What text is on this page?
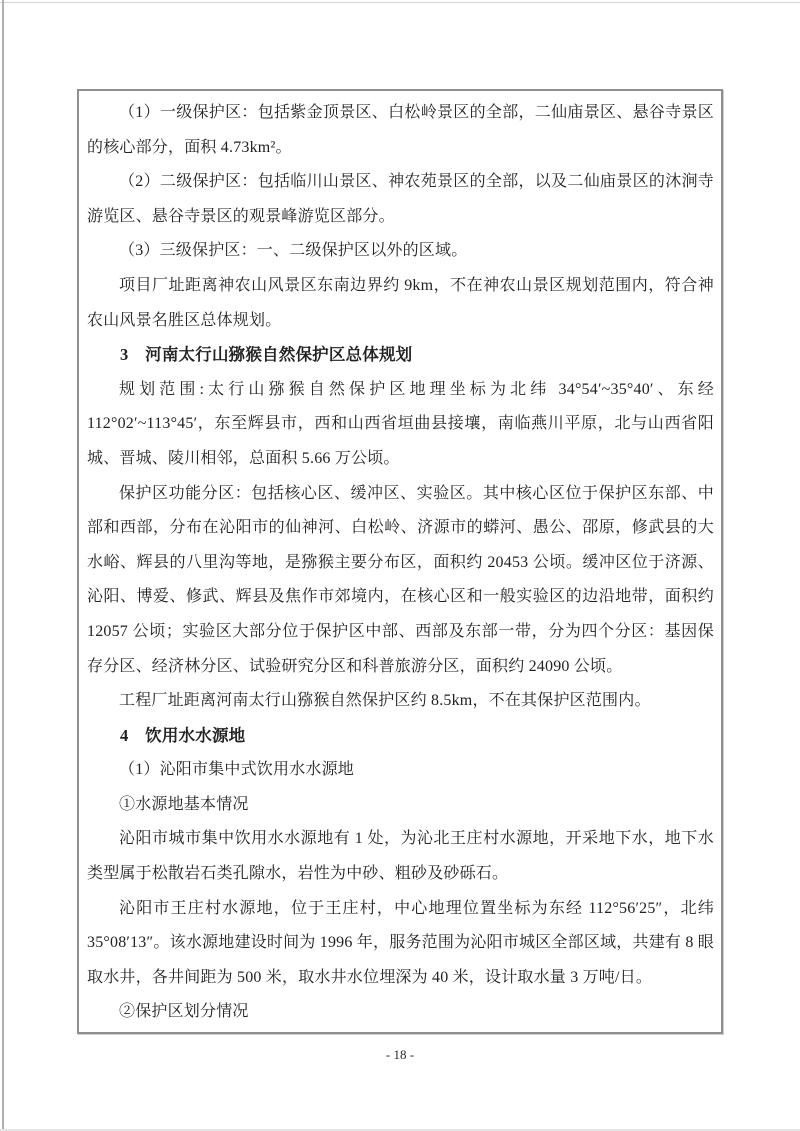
（1）一级保护区：包括紫金顶景区、白松岭景区的全部，二仙庙景区、悬谷寺景区的核心部分，面积 4.73km²。

（2）二级保护区：包括临川山景区、神农苑景区的全部，以及二仙庙景区的沐涧寺游览区、悬谷寺景区的观景峰游览区部分。

（3）三级保护区：一、二级保护区以外的区域。

项目厂址距离神农山风景区东南边界约 9km，不在神农山景区规划范围内，符合神农山风景名胜区总体规划。

3　河南太行山猕猴自然保护区总体规划

规划范围:太行山猕猴自然保护区地理坐标为北纬 34°54′~35°40′、东经 112°02′~113°45′，东至辉县市，西和山西省垣曲县接壤，南临燕川平原，北与山西省阳城、晋城、陵川相邻，总面积 5.66 万公顷。

保护区功能分区：包括核心区、缓冲区、实验区。其中核心区位于保护区东部、中部和西部，分布在沁阳市的仙神河、白松岭、济源市的蟒河、愚公、邵原，修武县的大水峪、辉县的八里沟等地，是猕猴主要分布区，面积约 20453 公顷。缓冲区位于济源、沁阳、博爱、修武、辉县及焦作市郊境内，在核心区和一般实验区的边沿地带，面积约 12057 公顷；实验区大部分位于保护区中部、西部及东部一带，分为四个分区：基因保存分区、经济林分区、试验研究分区和科普旅游分区，面积约 24090 公顷。

工程厂址距离河南太行山猕猴自然保护区约 8.5km，不在其保护区范围内。

4　饮用水水源地

（1）沁阳市集中式饮用水水源地

①水源地基本情况

沁阳市城市集中饮用水水源地有 1 处，为沁北王庄村水源地，开采地下水，地下水类型属于松散岩石类孔隙水，岩性为中砂、粗砂及砂砾石。

沁阳市王庄村水源地，位于王庄村，中心地理位置坐标为东经 112°56′25″，北纬 35°08′13″。该水源地建设时间为 1996 年，服务范围为沁阳市城区全部区域，共建有 8 眼取水井，各井间距为 500 米，取水井水位埋深为 40 米，设计取水量 3 万吨/日。

②保护区划分情况

- 18 -
